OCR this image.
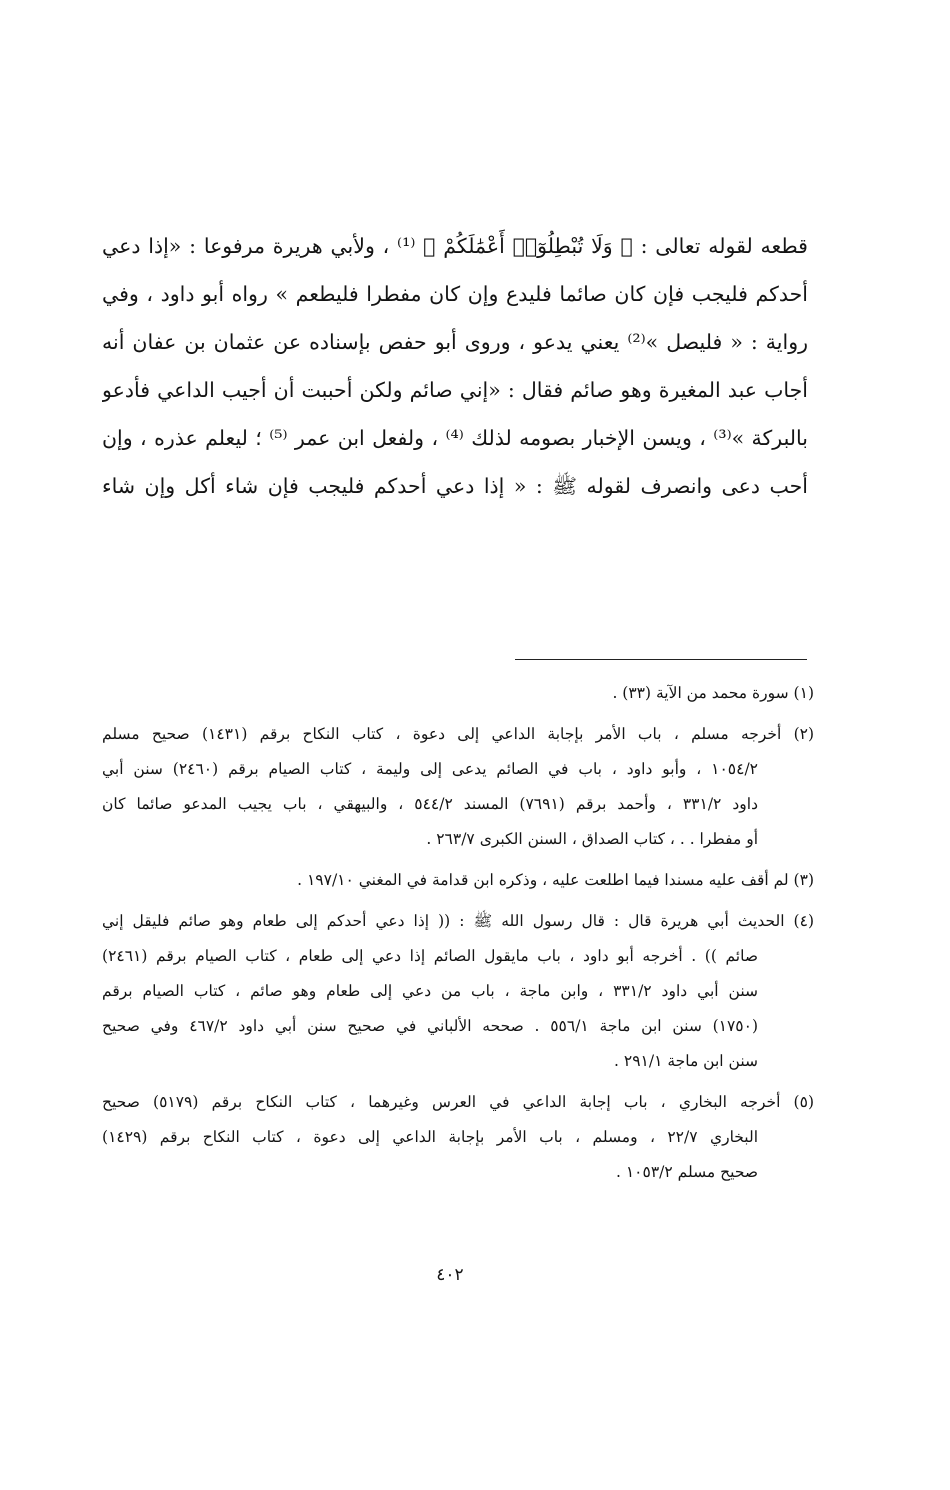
قطعه لقوله تعالى : ﴿ وَلَا تُبْطِلُوٓا۟ أَعْمَٰلَكُمْ ﴾ ⁽¹⁾ ، ولأبي هريرة مرفوعا : «إذا دعي
أحدكم فليجب فإن كان صائما فليدع وإن كان مفطرا فليطعم » رواه أبو داود ، وفي
رواية : « فليصل »⁽²⁾ يعني يدعو ، وروى أبو حفص بإسناده عن عثمان بن عفان أنه
أجاب عبد المغيرة وهو صائم فقال : «إني صائم ولكن أحببت أن أجيب الداعي فأدعو
بالبركة »⁽³⁾ ، ويسن الإخبار بصومه لذلك ⁽⁴⁾ ، ولفعل ابن عمر ⁽⁵⁾ ؛ ليعلم عذره ، وإن
أحب دعى وانصرف لقوله ﷺ : « إذا دعي أحدكم فليجب فإن شاء أكل وإن شاء
(١) سورة محمد من الآية (٣٣) .
(٢) أخرجه مسلم ، باب الأمر بإجابة الداعي إلى دعوة ، كتاب النكاح برقم (١٤٣١) صحيح مسلم
١٠٥٤/٢ ، وأبو داود ، باب في الصائم يدعى إلى وليمة ، كتاب الصيام برقم (٢٤٦٠) سنن أبي
داود ٣٣١/٢ ، وأحمد برقم (٧٦٩١) المسند ٥٤٤/٢ ، والبيهقي ، باب يجيب المدعو صائما كان
أو مفطرا . . ، كتاب الصداق ، السنن الكبرى ٢٦٣/٧ .
(٣) لم أقف عليه مسندا فيما اطلعت عليه ، وذكره ابن قدامة في المغني ١٩٧/١٠ .
(٤) الحديث أبي هريرة قال : قال رسول الله ﷺ : (( إذا دعي أحدكم إلى طعام وهو صائم فليقل إني
صائم )) . أخرجه أبو داود ، باب مايقول الصائم إذا دعي إلى طعام ، كتاب الصيام برقم (٢٤٦١)
سنن أبي داود ٣٣١/٢ ، وابن ماجة ، باب من دعي إلى طعام وهو صائم ، كتاب الصيام برقم
(١٧٥٠) سنن ابن ماجة ٥٥٦/١ . صححه الألباني في صحيح سنن أبي داود ٤٦٧/٢ وفي صحيح
سنن ابن ماجة ٢٩١/١ .
(٥) أخرجه البخاري ، باب إجابة الداعي في العرس وغيرهما ، كتاب النكاح برقم (٥١٧٩) صحيح
البخاري ٢٢/٧ ، ومسلم ، باب الأمر بإجابة الداعي إلى دعوة ، كتاب النكاح برقم (١٤٢٩)
صحيح مسلم ١٠٥٣/٢ .
٤٠٢
